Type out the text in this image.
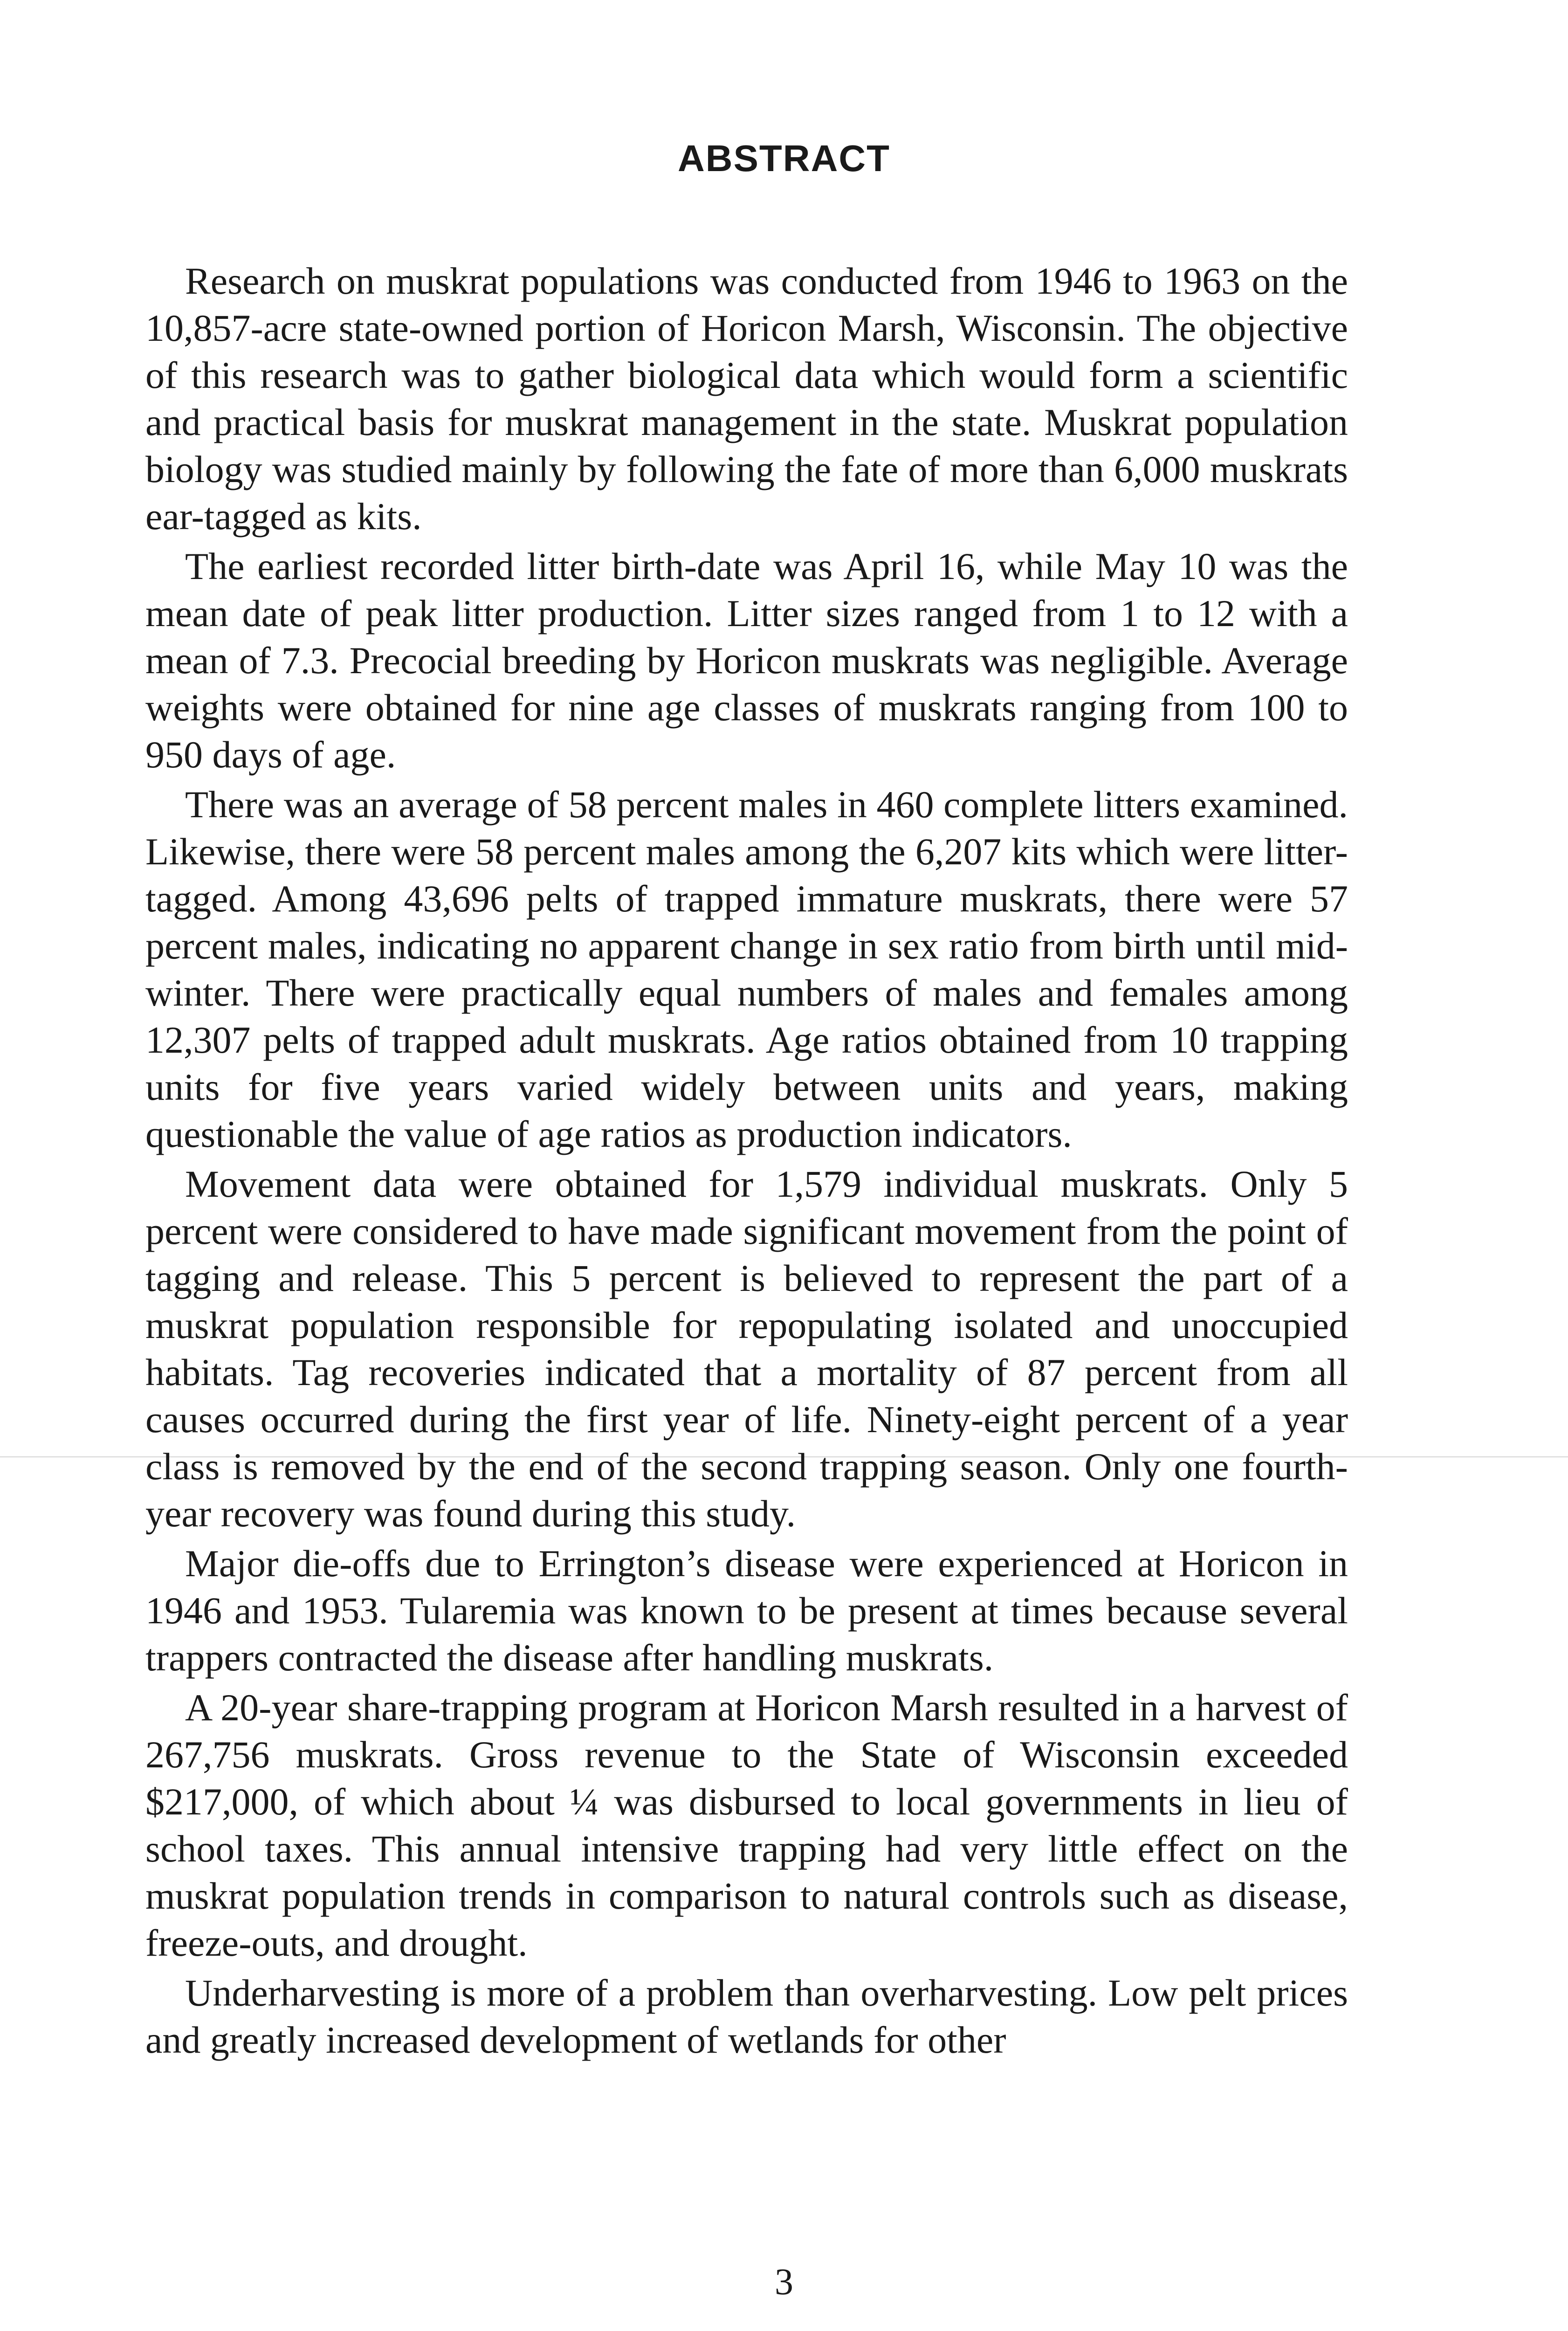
ABSTRACT

Research on muskrat populations was conducted from 1946 to 1963 on the 10,857-acre state-owned portion of Horicon Marsh, Wisconsin. The objective of this research was to gather biological data which would form a scientific and practical basis for muskrat management in the state. Muskrat population biology was studied mainly by following the fate of more than 6,000 muskrats ear-tagged as kits.

The earliest recorded litter birth-date was April 16, while May 10 was the mean date of peak litter production. Litter sizes ranged from 1 to 12 with a mean of 7.3. Precocial breeding by Horicon muskrats was negligible. Average weights were obtained for nine age classes of muskrats ranging from 100 to 950 days of age.

There was an average of 58 percent males in 460 complete litters examined. Likewise, there were 58 percent males among the 6,207 kits which were litter-tagged. Among 43,696 pelts of trapped immature muskrats, there were 57 percent males, indicating no apparent change in sex ratio from birth until mid-winter. There were practically equal numbers of males and females among 12,307 pelts of trapped adult muskrats. Age ratios obtained from 10 trapping units for five years varied widely between units and years, making questionable the value of age ratios as production indicators.

Movement data were obtained for 1,579 individual muskrats. Only 5 percent were considered to have made significant movement from the point of tagging and release. This 5 percent is believed to represent the part of a muskrat population responsible for repopulating isolated and unoccupied habitats. Tag recoveries indicated that a mortality of 87 percent from all causes occurred during the first year of life. Ninety-eight percent of a year class is removed by the end of the second trapping season. Only one fourth-year recovery was found during this study.

Major die-offs due to Errington’s disease were experienced at Horicon in 1946 and 1953. Tularemia was known to be present at times because several trappers contracted the disease after handling muskrats.

A 20-year share-trapping program at Horicon Marsh resulted in a harvest of 267,756 muskrats. Gross revenue to the State of Wisconsin exceeded $217,000, of which about ¼ was disbursed to local governments in lieu of school taxes. This annual intensive trapping had very little effect on the muskrat population trends in comparison to natural controls such as disease, freeze-outs, and drought.

Underharvesting is more of a problem than overharvesting. Low pelt prices and greatly increased development of wetlands for other

3
